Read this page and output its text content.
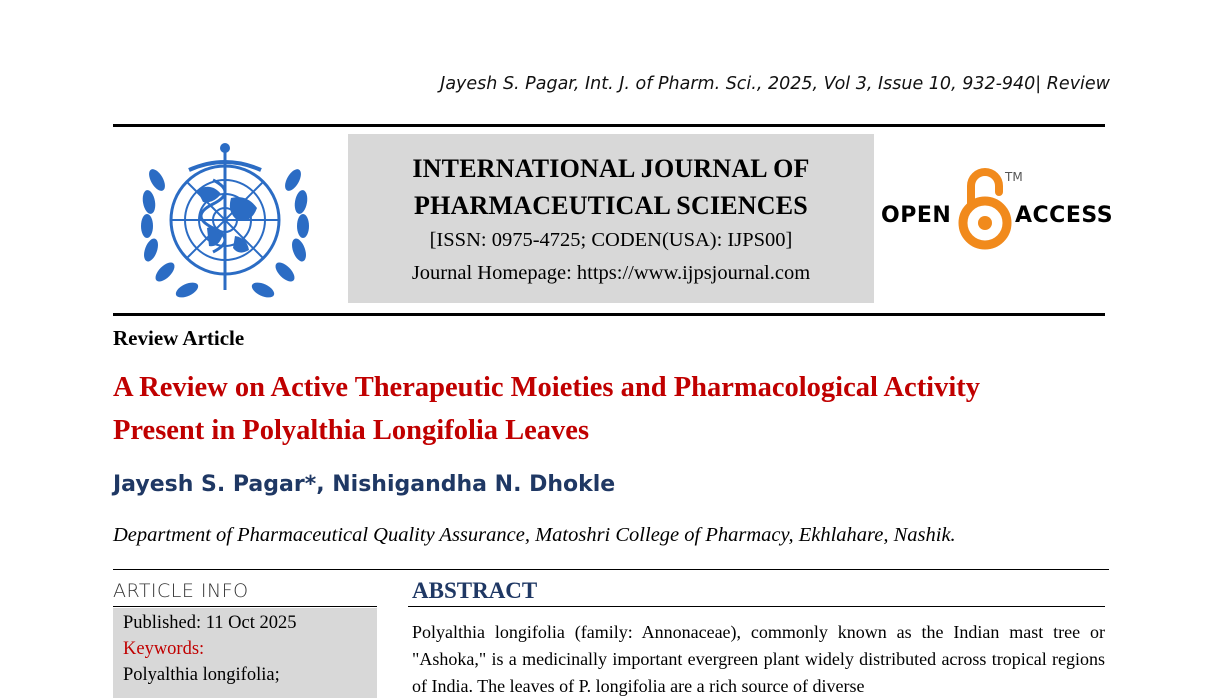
Jayesh S. Pagar, Int. J. of Pharm. Sci., 2025, Vol 3, Issue 10, 932-940| Review
INTERNATIONAL JOURNAL OF
PHARMACEUTICAL SCIENCES
[ISSN: 0975-4725; CODEN(USA): IJPS00]
Journal Homepage: https://www.ijpsjournal.com
OPEN
TM
ACCESS
Review Article
A Review on Active Therapeutic Moieties and Pharmacological Activity
Present in Polyalthia Longifolia Leaves
Jayesh S. Pagar*, Nishigandha N. Dhokle
Department of Pharmaceutical Quality Assurance, Matoshri College of Pharmacy, Ekhlahare, Nashik.
ARTICLE INFO
Published: 11 Oct 2025
Keywords:
Polyalthia longifolia;
ABSTRACT
Polyalthia longifolia (family: Annonaceae), commonly known as the Indian mast tree or "Ashoka," is a medicinally important evergreen plant widely distributed across tropical regions of India. The leaves of P. longifolia are a rich source of diverse
